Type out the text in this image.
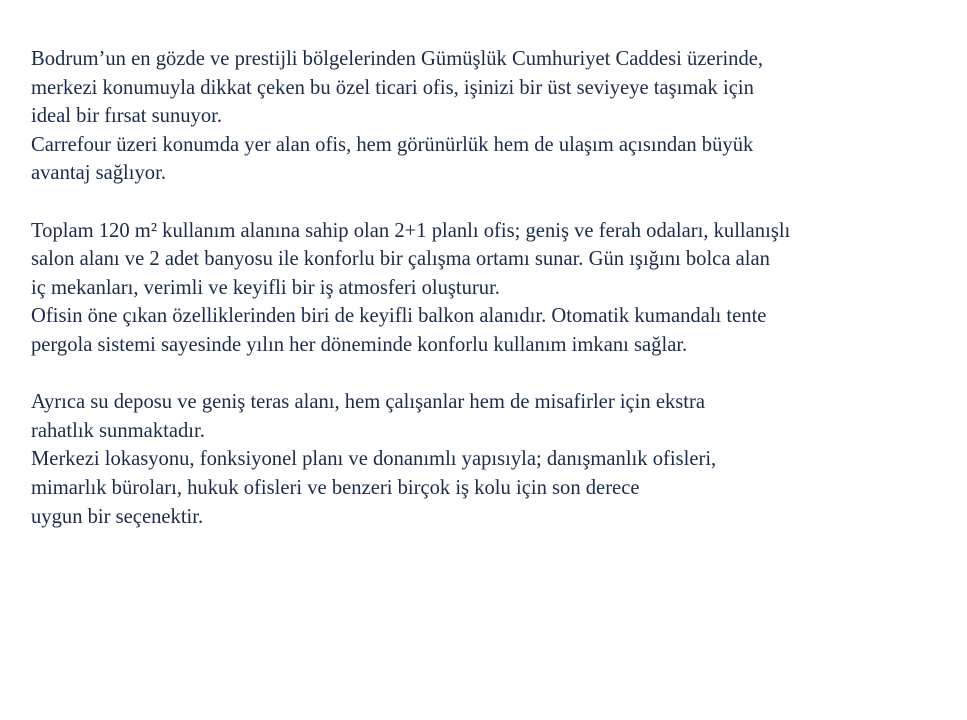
Bodrum’un en gözde ve prestijli bölgelerinden Gümüşlük Cumhuriyet Caddesi üzerinde,
merkezi konumuyla dikkat çeken bu özel ticari ofis, işinizi bir üst seviyeye taşımak için
ideal bir fırsat sunuyor.
Carrefour üzeri konumda yer alan ofis, hem görünürlük hem de ulaşım açısından büyük
avantaj sağlıyor.
Toplam 120 m² kullanım alanına sahip olan 2+1 planlı ofis; geniş ve ferah odaları, kullanışlı
salon alanı ve 2 adet banyosu ile konforlu bir çalışma ortamı sunar. Gün ışığını bolca alan
iç mekanları, verimli ve keyifli bir iş atmosferi oluşturur.
Ofisin öne çıkan özelliklerinden biri de keyifli balkon alanıdır. Otomatik kumandalı tente
pergola sistemi sayesinde yılın her döneminde konforlu kullanım imkanı sağlar.
Ayrıca su deposu ve geniş teras alanı, hem çalışanlar hem de misafirler için ekstra
rahatlık sunmaktadır.
Merkezi lokasyonu, fonksiyonel planı ve donanımlı yapısıyla; danışmanlık ofisleri,
mimarlık büroları, hukuk ofisleri ve benzeri birçok iş kolu için son derece
uygun bir seçenektir.
